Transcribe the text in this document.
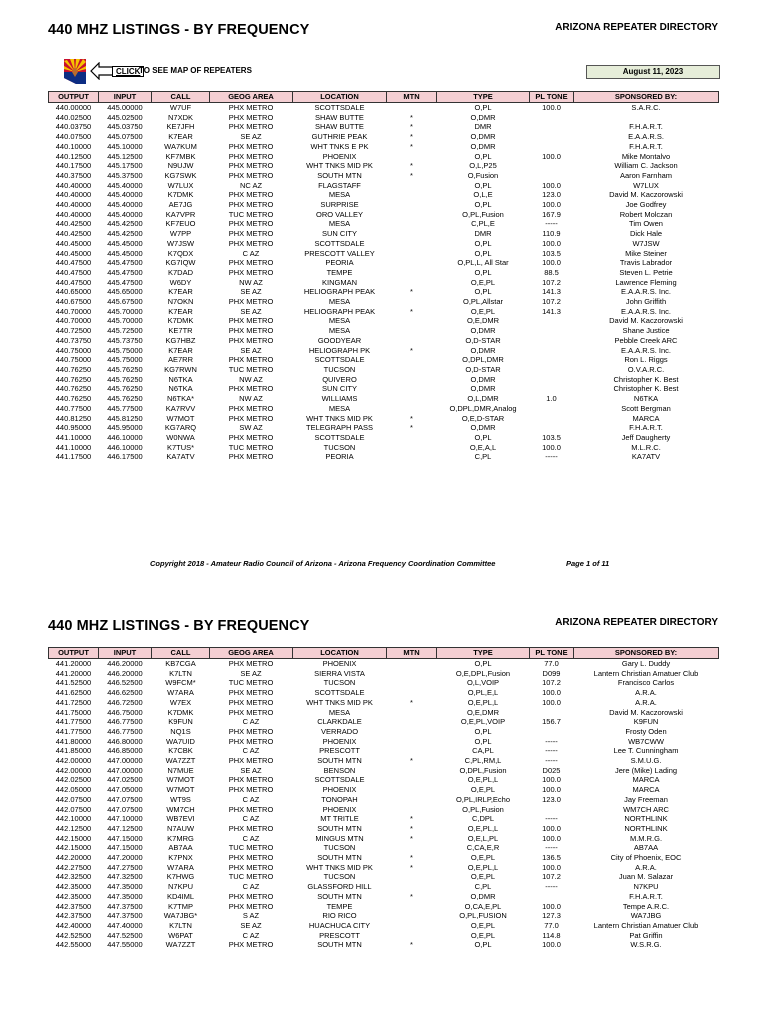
440 MHZ LISTINGS - BY FREQUENCY	ARIZONA REPEATER DIRECTORY
CLICK
TO SEE MAP OF REPEATERS	August 11, 2023
OUTPUT	INPUT	CALL	GEOG AREA	LOCATION	MTN	TYPE	PL TONE	SPONSORED BY:
440.00000	445.00000	W7UF	PHX METRO	SCOTTSDALE		O,PL	100.0	S.A.R.C.
440.02500	445.02500	N7XDK	PHX METRO	SHAW BUTTE	*	O,DMR		
440.03750	445.03750	KE7JFH	PHX METRO	SHAW BUTTE	*	DMR		F.H.A.R.T.
440.07500	445.07500	K7EAR	SE AZ	GUTHRIE PEAK	*	O,DMR		E.A.A.R.S.
440.10000	445.10000	WA7KUM	PHX METRO	WHT TNKS E PK	*	O,DMR		F.H.A.R.T.
440.12500	445.12500	KF7MBK	PHX METRO	PHOENIX		O,PL	100.0	Mike Montalvo
440.17500	445.17500	N9UJW	PHX METRO	WHT TNKS MID PK	*	O,L,P25		William C. Jackson
440.37500	445.37500	KG7SWK	PHX METRO	SOUTH MTN	*	O,Fusion		Aaron Farnham
440.40000	445.40000	W7LUX	NC AZ	FLAGSTAFF		O,PL	100.0	W7LUX
440.40000	445.40000	K7DMK	PHX METRO	MESA		O,L,E	123.0	David M. Kaczorowski
440.40000	445.40000	AE7JG	PHX METRO	SURPRISE		O,PL	100.0	Joe Godfrey
440.40000	445.40000	KA7VPR	TUC METRO	ORO VALLEY		O,PL,Fusion	167.9	Robert Molczan
440.42500	445.42500	KF7EUO	PHX METRO	MESA		C,PL,E	-----	Tim Owen
440.42500	445.42500	W7PP	PHX METRO	SUN CITY		DMR	110.9	Dick Hale
440.45000	445.45000	W7JSW	PHX METRO	SCOTTSDALE		O,PL	100.0	W7JSW
440.45000	445.45000	K7QDX	C AZ	PRESCOTT VALLEY		O,PL	103.5	Mike Steiner
440.47500	445.47500	KG7IQW	PHX METRO	PEORIA		O,PL,L, All Star	100.0	Travis Labrador
440.47500	445.47500	K7DAD	PHX METRO	TEMPE		O,PL	88.5	Steven L. Petrie
440.47500	445.47500	W6DY	NW AZ	KINGMAN		O,E,PL	107.2	Lawrence Fleming
440.65000	445.65000	K7EAR	SE AZ	HELIOGRAPH PEAK	*	O,PL	141.3	E.A.A.R.S. Inc.
440.67500	445.67500	N7OKN	PHX METRO	MESA		O,PL,Allstar	107.2	John Griffith
440.70000	445.70000	K7EAR	SE AZ	HELIOGRAPH PEAK	*	O,E,PL	141.3	E.A.A.R.S. Inc.
440.70000	445.70000	K7DMK	PHX METRO	MESA		O,E,DMR		David M. Kaczorowski
440.72500	445.72500	KE7TR	PHX METRO	MESA		O,DMR		Shane Justice
440.73750	445.73750	KG7HBZ	PHX METRO	GOODYEAR		O,D-STAR		Pebble Creek ARC
440.75000	445.75000	K7EAR	SE AZ	HELIOGRAPH PK	*	O,DMR		E.A.A.R.S. Inc.
440.75000	445.75000	AE7RR	PHX METRO	SCOTTSDALE		O,DPL,DMR		Ron L. Riggs
440.76250	445.76250	KG7RWN	TUC METRO	TUCSON		O,D-STAR		O.V.A.R.C.
440.76250	445.76250	N6TKA	NW AZ	QUIVERO		O,DMR		Christopher K. Best
440.76250	445.76250	N6TKA	PHX METRO	SUN CITY		O,DMR		Christopher K. Best
440.76250	445.76250	N6TKA*	NW AZ	WILLIAMS		O,L,DMR	1.0	N6TKA
440.77500	445.77500	KA7RVV	PHX METRO	MESA		O,DPL,DMR,Analog		Scott Bergman
440.81250	445.81250	W7MOT	PHX METRO	WHT TNKS MID PK	*	O,E,D-STAR		MARCA
440.95000	445.95000	KG7ARQ	SW AZ	TELEGRAPH PASS	*	O,DMR		F.H.A.R.T.
441.10000	446.10000	W0NWA	PHX METRO	SCOTTSDALE		O,PL	103.5	Jeff Daugherty
441.10000	446.10000	K7TUS*	TUC METRO	TUCSON		O,E,A,L	100.0	M.L.R.C.
441.17500	446.17500	KA7ATV	PHX METRO	PEORIA		C,PL	-----	KA7ATV
Copyright 2018 - Amateur Radio Council of Arizona - Arizona Frequency Coordination Committee	Page 1 of 11
440 MHZ LISTINGS - BY FREQUENCY	ARIZONA REPEATER DIRECTORY
OUTPUT	INPUT	CALL	GEOG AREA	LOCATION	MTN	TYPE	PL TONE	SPONSORED BY:
441.20000	446.20000	KB7CGA	PHX METRO	PHOENIX		O,PL	77.0	Gary L. Duddy
441.20000	446.20000	K7LTN	SE AZ	SIERRA VISTA		O,E,DPL,Fusion	D099	Lantern Christian Amatuer Club
441.52500	446.52500	W9FCM*	TUC METRO	TUCSON		O,L,VOIP	107.2	Francisco Carlos
441.62500	446.62500	W7ARA	PHX METRO	SCOTTSDALE		O,PL,E,L	100.0	A.R.A.
441.72500	446.72500	W7EX	PHX METRO	WHT TNKS MID PK	*	O,E,PL,L	100.0	A.R.A.
441.75000	446.75000	K7DMK	PHX METRO	MESA		O,E,DMR		David M. Kaczorowski
441.77500	446.77500	K9FUN	C AZ	CLARKDALE		O,E,PL,VOIP	156.7	K9FUN
441.77500	446.77500	NQ1S	PHX METRO	VERRADO		O,PL		Frosty Oden
441.80000	446.80000	WA7UID	PHX METRO	PHOENIX		O,PL	-----	WB7CWW
441.85000	446.85000	K7CBK	C AZ	PRESCOTT		CA,PL	-----	Lee T. Cunningham
442.00000	447.00000	WA7ZZT	PHX METRO	SOUTH MTN	*	C,PL,RM,L	-----	S.M.U.G.
442.00000	447.00000	N7MUE	SE AZ	BENSON		O,DPL,Fusion	D025	Jere (Mike) Lading
442.02500	447.02500	W7MOT	PHX METRO	SCOTTSDALE		O,E,PL,L	100.0	MARCA
442.05000	447.05000	W7MOT	PHX METRO	PHOENIX		O,E,PL	100.0	MARCA
442.07500	447.07500	WT9S	C AZ	TONOPAH		O,PL,IRLP,Echo	123.0	Jay Freeman
442.07500	447.07500	WM7CH	PHX METRO	PHOENIX		O,PL,Fusion		WM7CH ARC
442.10000	447.10000	WB7EVI	C AZ	MT TRITLE	*	C,DPL	-----	NORTHLINK
442.12500	447.12500	N7AUW	PHX METRO	SOUTH MTN	*	O,E,PL,L	100.0	NORTHLINK
442.15000	447.15000	K7MRG	C AZ	MINGUS MTN	*	O,E,L,PL	100.0	M.M.R.G.
442.15000	447.15000	AB7AA	TUC METRO	TUCSON		C,CA,E,R	-----	AB7AA
442.20000	447.20000	K7PNX	PHX METRO	SOUTH MTN	*	O,E,PL	136.5	City of Phoenix, EOC
442.27500	447.27500	W7ARA	PHX METRO	WHT TNKS MID PK	*	O,E,PL,L	100.0	A.R.A.
442.32500	447.32500	K7HWG	TUC METRO	TUCSON		O,E,PL	107.2	Juan M. Salazar
442.35000	447.35000	N7KPU	C AZ	GLASSFORD HILL		C,PL	-----	N7KPU
442.35000	447.35000	KD4IML	PHX METRO	SOUTH MTN	*	O,DMR		F.H.A.R.T.
442.37500	447.37500	K7TMP	PHX METRO	TEMPE		O,CA,E,PL	100.0	Tempe A.R.C.
442.37500	447.37500	WA7JBG*	S AZ	RIO RICO		O,PL,FUSION	127.3	WA7JBG
442.40000	447.40000	K7LTN	SE AZ	HUACHUCA CITY		O,E,PL	77.0	Lantern Christian Amatuer Club
442.52500	447.52500	W6PAT	C AZ	PRESCOTT		O,E,PL	114.8	Pat Griffin
442.55000	447.55000	WA7ZZT	PHX METRO	SOUTH MTN	*	O,PL	100.0	W.S.R.G.
